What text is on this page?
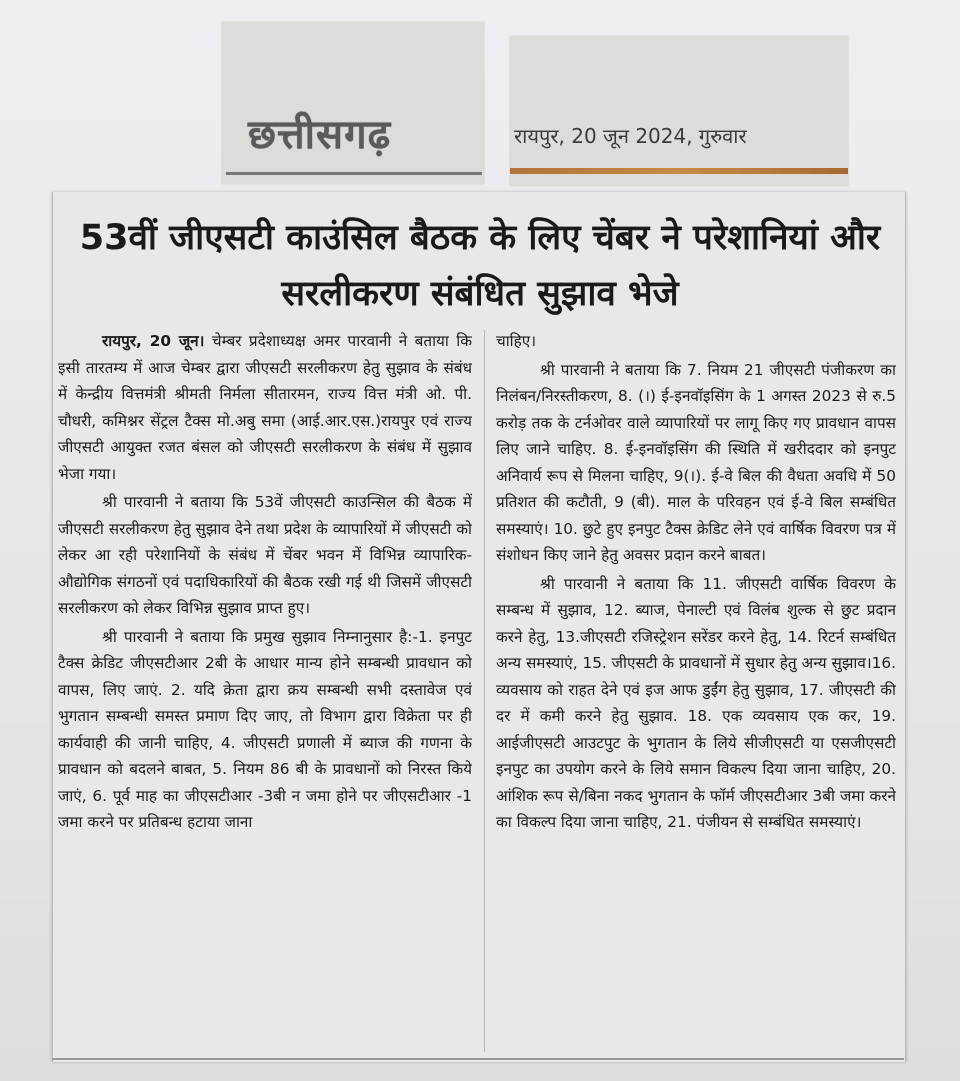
छत्तीसगढ़	रायपुर, 20 जून 2024, गुरुवार
53वीं जीएसटी काउंसिल बैठक के लिए चेंबर ने परेशानियां और सरलीकरण संबंधित सुझाव भेजे

रायपुर, 20 जून। चेम्बर प्रदेशाध्यक्ष अमर पारवानी ने बताया कि इसी तारतम्य में आज चेम्बर द्वारा जीएसटी सरलीकरण हेतु सुझाव के संबंध में केन्द्रीय वित्तमंत्री श्रीमती निर्मला सीतारमन, राज्य वित्त मंत्री ओ. पी. चौधरी, कमिश्नर सेंट्रल टैक्स मो.अबु समा (आई.आर.एस.)रायपुर एवं राज्य जीएसटी आयुक्त रजत बंसल को जीएसटी सरलीकरण के संबंध में सुझाव भेजा गया।

श्री पारवानी ने बताया कि 53वें जीएसटी काउन्सिल की बैठक में जीएसटी सरलीकरण हेतु सुझाव देने तथा प्रदेश के व्यापारियों में जीएसटी को लेकर आ रही परेशानियों के संबंध में चेंबर भवन में विभिन्न व्यापारिक-औद्योगिक संगठनों एवं पदाधिकारियों की बैठक रखी गई थी जिसमें जीएसटी सरलीकरण को लेकर विभिन्न सुझाव प्राप्त हुए।

श्री पारवानी ने बताया कि प्रमुख सुझाव निम्नानुसार है:-1. इनपुट टैक्स क्रेडिट जीएसटीआर 2बी के आधार मान्य होने सम्बन्धी प्रावधान को वापस, लिए जाएं. 2. यदि क्रेता द्वारा क्रय सम्बन्धी सभी दस्तावेज एवं भुगतान सम्बन्धी समस्त प्रमाण दिए जाए, तो विभाग द्वारा विक्रेता पर ही कार्यवाही की जानी चाहिए, 4. जीएसटी प्रणाली में ब्याज की गणना के प्रावधान को बदलने बाबत, 5. नियम 86 बी के प्रावधानों को निरस्त किये जाएं, 6. पूर्व माह का जीएसटीआर -3बी न जमा होने पर जीएसटीआर -1 जमा करने पर प्रतिबन्ध हटाया जाना

चाहिए।

श्री पारवानी ने बताया कि 7. नियम 21 जीएसटी पंजीकरण का निलंबन/निरस्तीकरण, 8. (।) ई-इनवॉइसिंग के 1 अगस्त 2023 से रु.5 करोड़ तक के टर्नओवर वाले व्यापारियों पर लागू किए गए प्रावधान वापस लिए जाने चाहिए. 8. ई-इनवॉइसिंग की स्थिति में खरीददार को इनपुट अनिवार्य रूप से मिलना चाहिए, 9(।). ई-वे बिल की वैधता अवधि में 50 प्रतिशत की कटौती, 9 (बी). माल के परिवहन एवं ई-वे बिल सम्बंधित समस्याएं। 10. छुटे हुए इनपुट टैक्स क्रेडिट लेने एवं वार्षिक विवरण पत्र में संशोधन किए जाने हेतु अवसर प्रदान करने बाबत।

श्री पारवानी ने बताया कि 11. जीएसटी वार्षिक विवरण के सम्बन्ध में सुझाव, 12. ब्याज, पेनाल्टी एवं विलंब शुल्क से छुट प्रदान करने हेतु, 13.जीएसटी रजिस्ट्रेशन सरेंडर करने हेतु, 14. रिटर्न सम्बंधित अन्य समस्याएं, 15. जीएसटी के प्रावधानों में सुधार हेतु अन्य सुझाव।16. व्यवसाय को राहत देने एवं इज आफ डुईंग हेतु सुझाव, 17. जीएसटी की दर में कमी करने हेतु सुझाव. 18. एक व्यवसाय एक कर, 19. आईजीएसटी आउटपुट के भुगतान के लिये सीजीएसटी या एसजीएसटी इनपुट का उपयोग करने के लिये समान विकल्प दिया जाना चाहिए, 20. आंशिक रूप से/बिना नकद भुगतान के फॉर्म जीएसटीआर 3बी जमा करने का विकल्प दिया जाना चाहिए, 21. पंजीयन से सम्बंधित समस्याएं।
